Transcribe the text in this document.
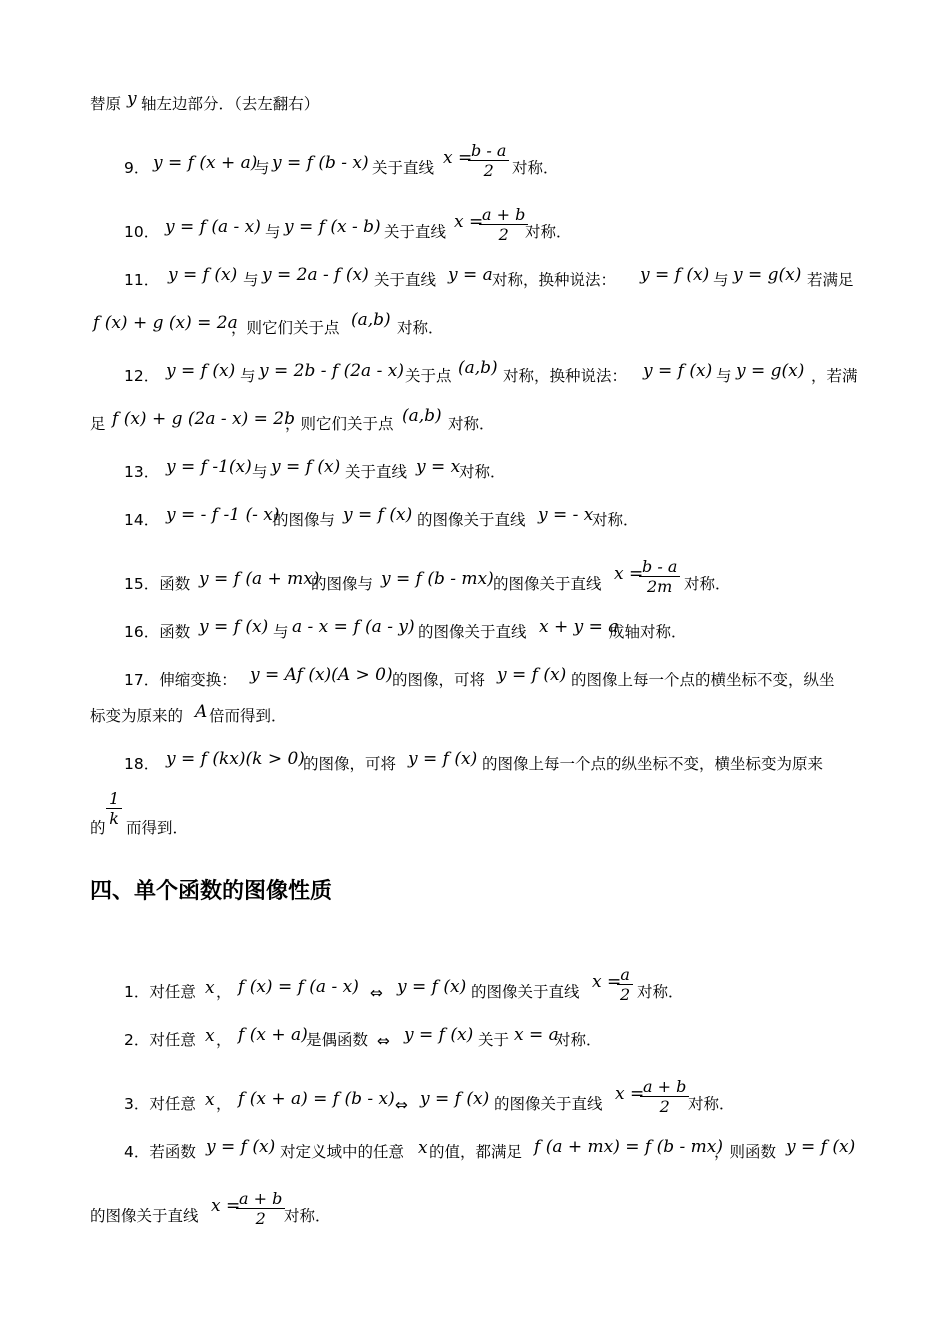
替原 y 轴左边部分．（去左翻右）
9． y = f (x + a)
与 y = f (b - x) 关于直线 x =
$\frac{b - a}{2}$ 对称．
10． y = f (a - x) 与 y = f (x - b) 关于直线 x =
$\frac{a + b}{2}$
对称．
11． y = f (x) 与 y = 2a - f (x) 关于直线 y = a 对称，换种说法： y = f (x) 与 y = g(x) 若满足
f (x) + g (x) = 2a
，则它们关于点 (a,b) 对称．
12． y = f (x) 与 y = 2b - f (2a - x) 关于点 (a,b) 对称，换种说法： y = f (x) 与 y = g(x) ，若满
足 f (x) + g (2a - x) = 2b
，则它们关于点 (a,b) 对称．
13． y = f -1(x) 与 y = f (x) 关于直线 y = x
对称．
14． y = - f -1 (- x)
的图像与 y = f (x) 的图像关于直线 y = - x
对称．
15．函数 y = f (a + mx)
的图像与 y = f (b - mx) 的图像关于直线 x =
$\frac{b - a}{2m}$ 对称．
16．函数 y = f (x) 与 a - x = f (a - y) 的图像关于直线 x + y = a
成轴对称．
17．伸缩变换： y = Af (x)(A > 0) 的图像，可将 y = f (x) 的图像上每一个点的横坐标不变，纵坐
标变为原来的 A 倍而得到．
18． y = f (kx)(k > 0)
的图像，可将 y = f (x) 的图像上每一个点的纵坐标不变，横坐标变为原来
$\frac{1}{k}$
的 而得到．
四、单个函数的图像性质
1．对任意 x ， f (x) = f (a - x) ⇔ y = f (x) 的图像关于直线 x =
$\frac{a}{2}$ 对称．
2．对任意 x ， f (x + a)
是偶函数 ⇔ y = f (x) 关于 x = a
对称．
3．对任意 x ， f (x + a) = f (b - x) ⇔ y = f (x) 的图像关于直线 x =
$\frac{a + b}{2}$
对称．
4．若函数 y = f (x) 对定义域中的任意 x 的值，都满足 f (a + mx) = f (b - mx)
，则函数 y = f (x)
的图像关于直线 x =
$\frac{a + b}{2}$
对称．
